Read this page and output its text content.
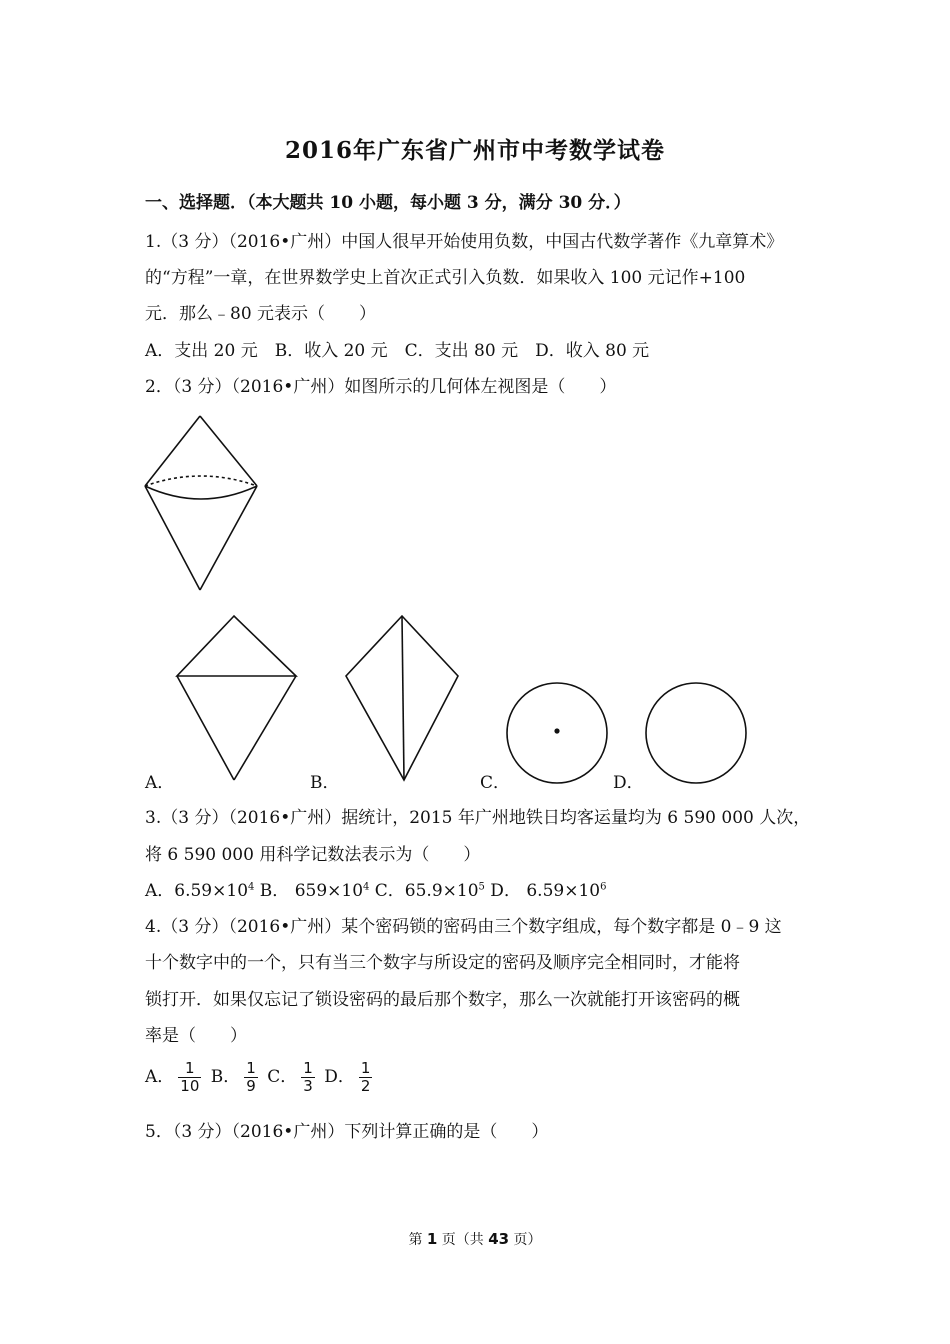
2016年广东省广州市中考数学试卷
一、选择题．（本大题共 10 小题，每小题 3 分，满分 30 分．）
1.（3 分）（2016•广州）中国人很早开始使用负数，中国古代数学著作《九章算术》
的“方程”一章，在世界数学史上首次正式引入负数．如果收入 100 元记作+100
元．那么﹣80 元表示（　　）
A．支出 20 元　B．收入 20 元　C．支出 80 元　D．收入 80 元
2．（3 分）（2016•广州）如图所示的几何体左视图是（　　）
A．	B．	C．	D．
3.（3 分）（2016•广州）据统计，2015 年广州地铁日均客运量均为 6 590 000 人次，
将 6 590 000 用科学记数法表示为（　　）
A．$6.59\times 10^4$ B． $659\times 10^4$ C．$65.9\times 10^5$ D． $6.59\times 10^6$
4.（3 分）（2016•广州）某个密码锁的密码由三个数字组成，每个数字都是 0﹣9 这
十个数字中的一个，只有当三个数字与所设定的密码及顺序完全相同时，才能将
锁打开．如果仅忘记了锁设密码的最后那个数字，那么一次就能打开该密码的概
率是（　　）
A． $\frac{1}{10}$ B． $\frac{1}{9}$ C． $\frac{1}{3}$ D． $\frac{1}{2}$
5．（3 分）（2016•广州）下列计算正确的是（　　）
第 1 页（共 43 页）
